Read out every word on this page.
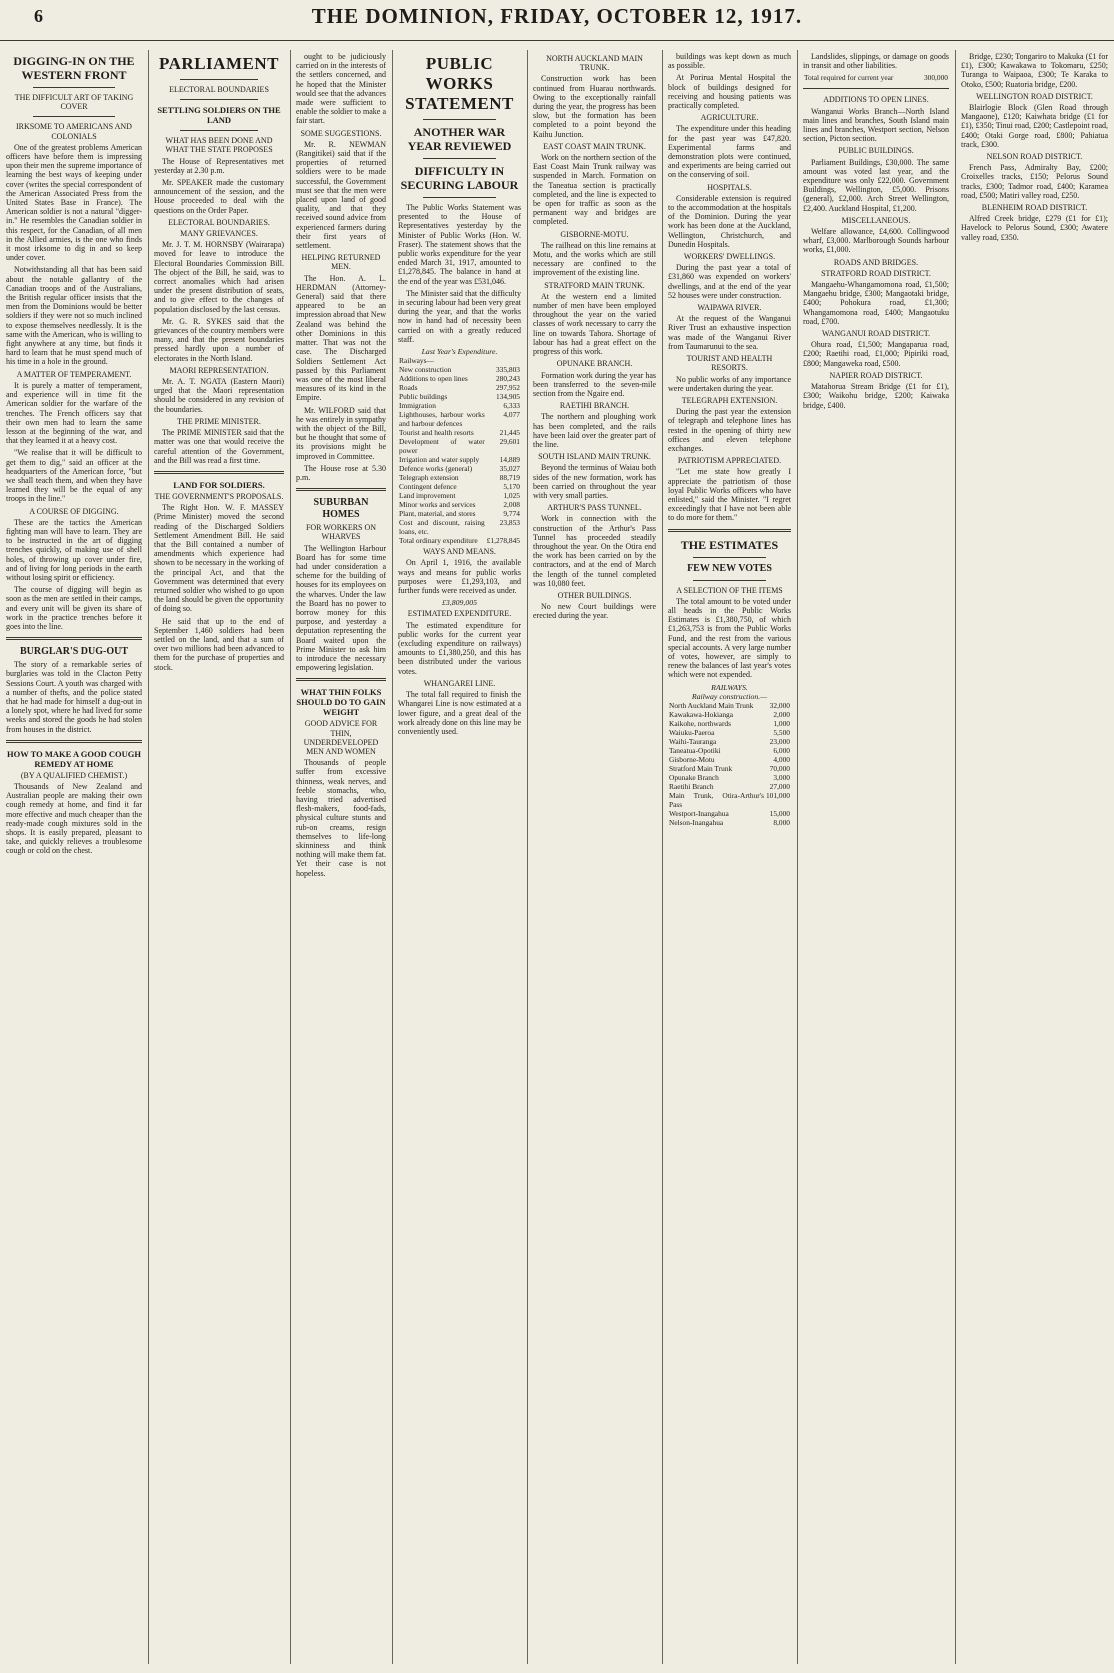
6	THE DOMINION, FRIDAY, OCTOBER 12, 1917.
DIGGING-IN ON THE WESTERN FRONT
THE DIFFICULT ART OF TAKING COVER
IRKSOME TO AMERICANS AND COLONIALS

One of the greatest problems American officers have before them is impressing upon their men the supreme importance of learning the best ways of keeping under cover (writes the special correspondent of the American Associated Press from the United States Base in France). The American soldier is not a natural "digger-in." He resembles the Canadian soldier in this respect, for the Canadian, of all men in the Allied armies, is the one who finds it most irksome to dig in and so keep under cover.

Notwithstanding all that has been said about the notable gallantry of the Canadian troops and of the Australians, the British regular officer insists that the men from the Dominions would be better soldiers if they were not so much inclined to expose themselves needlessly. It is the same with the American, who is willing to fight anywhere at any time, but finds it hard to learn that he must spend much of his time in a hole in the ground.

A MATTER OF TEMPERAMENT.

It is purely a matter of temperament, and experience will in time fit the American soldier for the warfare of the trenches. The French officers say that their own men had to learn the same lesson at the beginning of the war, and that they learned it at a heavy cost.

"We realise that it will be difficult to get them to dig," said an officer at the headquarters of the American force, "but we shall teach them, and when they have learned they will be the equal of any troops in the line."

A COURSE OF DIGGING.

These are the tactics the American fighting man will have to learn. They are to be instructed in the art of digging trenches quickly, of making use of shell holes, of throwing up cover under fire, and of living for long periods in the earth without losing spirit or efficiency.

The course of digging will begin as soon as the men are settled in their camps, and every unit will be given its share of work in the practice trenches before it goes into the line.

BURGLAR'S DUG-OUT

The story of a remarkable series of burglaries was told in the Clacton Petty Sessions Court. A youth was charged with a number of thefts, and the police stated that he had made for himself a dug-out in a lonely spot, where he had lived for some weeks and stored the goods he had stolen from houses in the district.

HOW TO MAKE A GOOD COUGH REMEDY AT HOME
(BY A QUALIFIED CHEMIST.)

Thousands of New Zealand and Australian people are making their own cough remedy at home, and find it far more effective and much cheaper than the ready-made cough mixtures sold in the shops. It is easily prepared, pleasant to take, and quickly relieves a troublesome cough or cold on the chest.

PARLIAMENT
ELECTORAL BOUNDARIES
SETTLING SOLDIERS ON THE LAND
WHAT HAS BEEN DONE AND WHAT THE STATE PROPOSES

The House of Representatives met yesterday at 2.30 p.m.

Mr. SPEAKER made the customary announcement of the session, and the House proceeded to deal with the questions on the Order Paper.

ELECTORAL BOUNDARIES.
MANY GRIEVANCES.

Mr. J. T. M. HORNSBY (Wairarapa) moved for leave to introduce the Electoral Boundaries Commission Bill. The object of the Bill, he said, was to correct anomalies which had arisen under the present distribution of seats, and to give effect to the changes of population disclosed by the last census.

Mr. G. R. SYKES said that the grievances of the country members were many, and that the present boundaries pressed hardly upon a number of electorates in the North Island.

MAORI REPRESENTATION.

Mr. A. T. NGATA (Eastern Maori) urged that the Maori representation should be considered in any revision of the boundaries.

THE PRIME MINISTER.

The PRIME MINISTER said that the matter was one that would receive the careful attention of the Government, and the Bill was read a first time.

LAND FOR SOLDIERS.
THE GOVERNMENT'S PROPOSALS.

The Right Hon. W. F. MASSEY (Prime Minister) moved the second reading of the Discharged Soldiers Settlement Amendment Bill. He said that the Bill contained a number of amendments which experience had shown to be necessary in the working of the principal Act, and that the Government was determined that every returned soldier who wished to go upon the land should be given the opportunity of doing so.

He said that up to the end of September 1,460 soldiers had been settled on the land, and that a sum of over two millions had been advanced to them for the purchase of properties and stock.

ought to be judiciously carried on in the interests of the settlers concerned, and he hoped that the Minister would see that the advances made were sufficient to enable the soldier to make a fair start.

SOME SUGGESTIONS.

Mr. R. NEWMAN (Rangitikei) said that if the properties of returned soldiers were to be made successful, the Government must see that the men were placed upon land of good quality, and that they received sound advice from experienced farmers during their first years of settlement.

HELPING RETURNED MEN.

The Hon. A. L. HERDMAN (Attorney-General) said that there appeared to be an impression abroad that New Zealand was behind the other Dominions in this matter. That was not the case. The Discharged Soldiers Settlement Act passed by this Parliament was one of the most liberal measures of its kind in the Empire.

Mr. WILFORD said that he was entirely in sympathy with the object of the Bill, but he thought that some of its provisions might be improved in Committee.

The House rose at 5.30 p.m.

SUBURBAN HOMES
FOR WORKERS ON WHARVES

The Wellington Harbour Board has for some time had under consideration a scheme for the building of houses for its employees on the wharves. Under the law the Board has no power to borrow money for this purpose, and yesterday a deputation representing the Board waited upon the Prime Minister to ask him to introduce the necessary empowering legislation.

WHAT THIN FOLKS SHOULD DO TO GAIN WEIGHT
GOOD ADVICE FOR THIN, UNDERDEVELOPED MEN AND WOMEN

Thousands of people suffer from excessive thinness, weak nerves, and feeble stomachs, who, having tried advertised flesh-makers, food-fads, physical culture stunts and rub-on creams, resign themselves to life-long skinniness and think nothing will make them fat. Yet their case is not hopeless.

PUBLIC WORKS STATEMENT
ANOTHER WAR YEAR REVIEWED
DIFFICULTY IN SECURING LABOUR

The Public Works Statement was presented to the House of Representatives yesterday by the Minister of Public Works (Hon. W. Fraser). The statement shows that the public works expenditure for the year ended March 31, 1917, amounted to £1,278,845. The balance in hand at the end of the year was £531,046.

The Minister said that the difficulty in securing labour had been very great during the year, and that the works now in hand had of necessity been carried on with a greatly reduced staff.

Last Year's Expenditure.
Railways—	
New construction	335,803
Additions to open lines	280,243
Roads	297,952
Public buildings	134,905
Immigration	6,333
Lighthouses, harbour works and harbour defences	4,077
Tourist and health resorts	21,445
Development of water power	29,601
Irrigation and water supply	14,889
Defence works (general)	35,027
Telegraph extension	88,719
Contingent defence	5,170
Land improvement	1,025
Minor works and services	2,008
Plant, material, and stores	9,774
Cost and discount, raising loans, etc.	23,853
Total ordinary expenditure	£1,278,845
WAYS AND MEANS.

On April 1, 1916, the available ways and means for public works purposes were £1,293,103, and further funds were received as under.

£3,809,005
ESTIMATED EXPENDITURE.

The estimated expenditure for public works for the current year (excluding expenditure on railways) amounts to £1,380,250, and this has been distributed under the various votes.

WHANGAREI LINE.

The total fall required to finish the Whangarei Line is now estimated at a lower figure, and a great deal of the work already done on this line may be conveniently used.

NORTH AUCKLAND MAIN TRUNK.

Construction work has been continued from Huarau northwards. Owing to the exceptionally rainfall during the year, the progress has been slow, but the formation has been completed to a point beyond the Kaihu Junction.

EAST COAST MAIN TRUNK.

Work on the northern section of the East Coast Main Trunk railway was suspended in March. Formation on the Taneatua section is practically completed, and the line is expected to be open for traffic as soon as the permanent way and bridges are completed.

GISBORNE-MOTU.

The railhead on this line remains at Motu, and the works which are still necessary are confined to the improvement of the existing line.

STRATFORD MAIN TRUNK.

At the western end a limited number of men have been employed throughout the year on the varied classes of work necessary to carry the line on towards Tahora. Shortage of labour has had a great effect on the progress of this work.

OPUNAKE BRANCH.

Formation work during the year has been transferred to the seven-mile section from the Ngaire end.

RAETIHI BRANCH.

The northern and ploughing work has been completed, and the rails have been laid over the greater part of the line.

SOUTH ISLAND MAIN TRUNK.

Beyond the terminus of Waiau both sides of the new formation, work has been carried on throughout the year with very small parties.

ARTHUR'S PASS TUNNEL.

Work in connection with the construction of the Arthur's Pass Tunnel has proceeded steadily throughout the year. On the Otira end the work has been carried on by the contractors, and at the end of March the length of the tunnel completed was 10,080 feet.

OTHER BUILDINGS.

No new Court buildings were erected during the year.

buildings was kept down as much as possible.

At Porirua Mental Hospital the block of buildings designed for receiving and housing patients was practically completed.

AGRICULTURE.

The expenditure under this heading for the past year was £47,820. Experimental farms and demonstration plots were continued, and experiments are being carried out on the conserving of soil.

HOSPITALS.

Considerable extension is required to the accommodation at the hospitals of the Dominion. During the year work has been done at the Auckland, Wellington, Christchurch, and Dunedin Hospitals.

WORKERS' DWELLINGS.

During the past year a total of £31,860 was expended on workers' dwellings, and at the end of the year 52 houses were under construction.

WAIPAWA RIVER.

At the request of the Wanganui River Trust an exhaustive inspection was made of the Wanganui River from Taumarunui to the sea.

TOURIST AND HEALTH RESORTS.

No public works of any importance were undertaken during the year.

TELEGRAPH EXTENSION.

During the past year the extension of telegraph and telephone lines has rested in the opening of thirty new offices and eleven telephone exchanges.

PATRIOTISM APPRECIATED.

"Let me state how greatly I appreciate the patriotism of those loyal Public Works officers who have enlisted," said the Minister. "I regret exceedingly that I have not been able to do more for them."

THE ESTIMATES
FEW NEW VOTES
A SELECTION OF THE ITEMS

The total amount to be voted under all heads in the Public Works Estimates is £1,380,750, of which £1,263,753 is from the Public Works Fund, and the rest from the various special accounts. A very large number of votes, however, are simply to renew the balances of last year's votes which were not expended.

RAILWAYS.
Railway construction.—
North Auckland Main Trunk	32,000
Kawakawa-Hokianga	2,000
Kaikohe, northwards	1,000
Waiuku-Paeroa	5,500
Waihi-Tauranga	23,000
Taneatua-Opotiki	6,000
Gisborne-Motu	4,000
Stratford Main Trunk	70,000
Opunake Branch	3,000
Raetihi Branch	27,000
Main Trunk, Otira-Arthur's Pass	101,000
Westport-Inangahua	15,000
Nelson-Inangahua	8,000

Landslides, slippings, or damage on goods in transit and other liabilities.

Total required for current year	300,000
ADDITIONS TO OPEN LINES.

Wanganui Works Branch—North Island main lines and branches, South Island main lines and branches, Westport section, Nelson section, Picton section.

PUBLIC BUILDINGS.

Parliament Buildings, £30,000. The same amount was voted last year, and the expenditure was only £22,000. Government Buildings, Wellington, £5,000. Prisons (general), £2,000. Arch Street Wellington, £2,400. Auckland Hospital, £1,200.

MISCELLANEOUS.

Welfare allowance, £4,600. Collingwood wharf, £3,000. Marlborough Sounds harbour works, £1,000.

ROADS AND BRIDGES.
STRATFORD ROAD DISTRICT.

Mangaehu-Whangamomona road, £1,500; Mangaehu bridge, £300; Mangaotaki bridge, £400; Pohokura road, £1,300; Whangamomona road, £400; Mangaotuku road, £700.

WANGANUI ROAD DISTRICT.

Ohura road, £1,500; Mangaparua road, £200; Raetihi road, £1,000; Pipiriki road, £800; Mangaweka road, £500.

NAPIER ROAD DISTRICT.

Matahorua Stream Bridge (£1 for £1), £300; Waikohu bridge, £200; Kaiwaka bridge, £400.

Bridge, £230; Tongariro to Makuka (£1 for £1), £300; Kawakawa to Tokomaru, £250; Turanga to Waipaoa, £300; Te Karaka to Otoko, £500; Ruatoria bridge, £200.

WELLINGTON ROAD DISTRICT.

Blairlogie Block (Glen Road through Mangaone), £120; Kaiwhata bridge (£1 for £1), £350; Tinui road, £200; Castlepoint road, £400; Otaki Gorge road, £800; Pahiatua track, £300.

NELSON ROAD DISTRICT.

French Pass, Admiralty Bay, £200; Croixelles tracks, £150; Pelorus Sound tracks, £300; Tadmor road, £400; Karamea road, £500; Matiri valley road, £250.

BLENHEIM ROAD DISTRICT.

Alfred Creek bridge, £279 (£1 for £1); Havelock to Pelorus Sound, £300; Awatere valley road, £350.
